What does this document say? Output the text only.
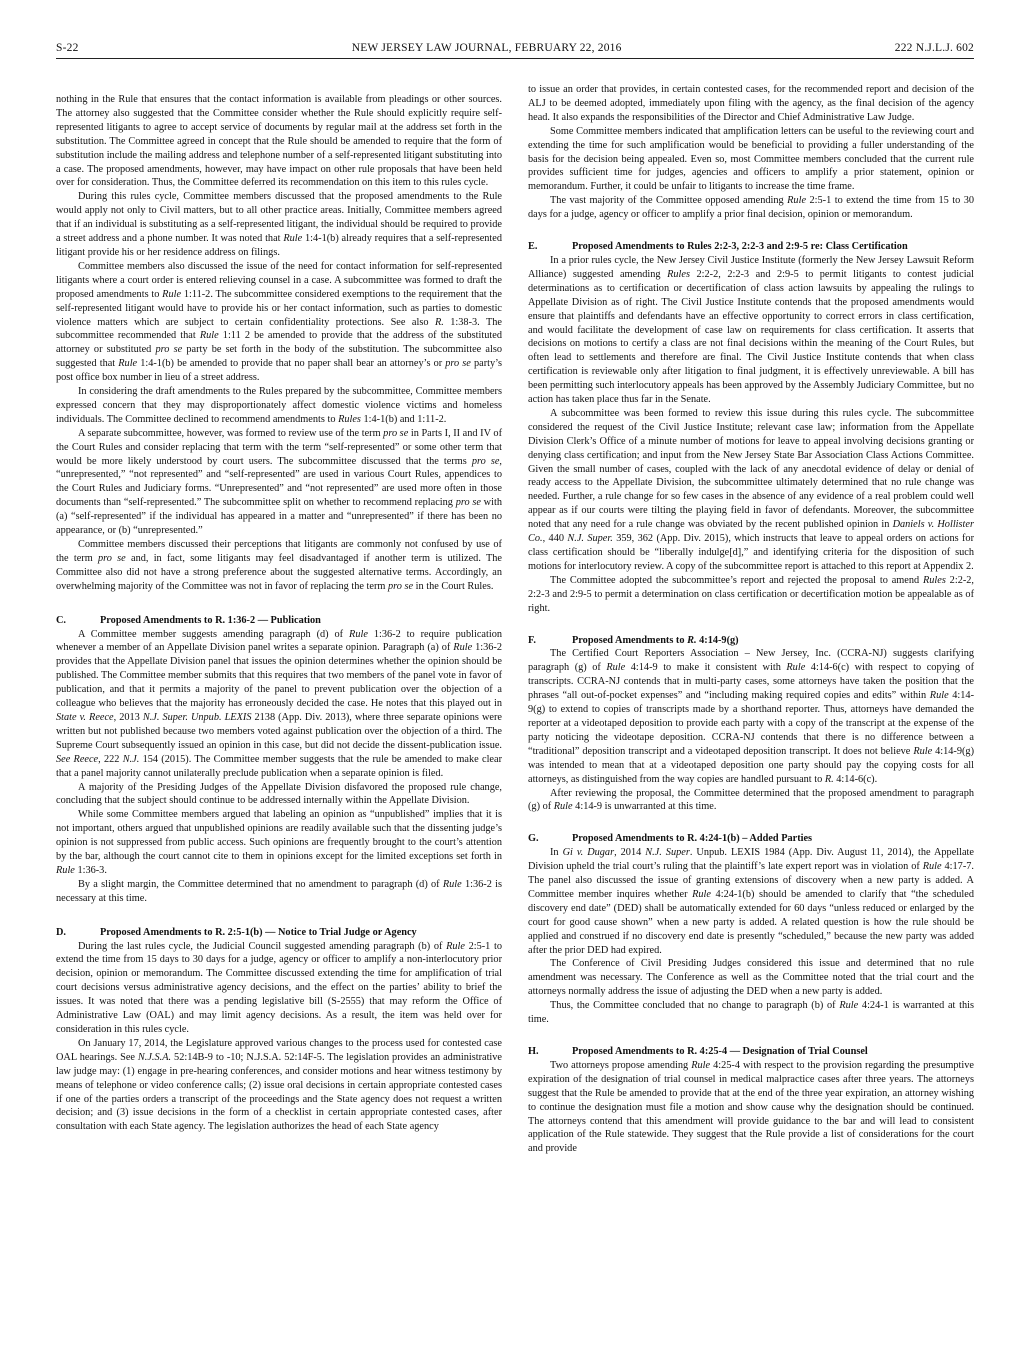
S-22	NEW JERSEY LAW JOURNAL, FEBRUARY 22, 2016	222 N.J.L.J. 602

nothing in the Rule that ensures that the contact information is available from pleadings or other sources. The attorney also suggested that the Committee consider whether the Rule should explicitly require self-represented litigants to agree to accept service of documents by regular mail at the address set forth in the substitution. The Committee agreed in concept that the Rule should be amended to require that the form of substitution include the mailing address and telephone number of a self-represented litigant substituting into a case. The proposed amendments, however, may have impact on other rule proposals that have been held over for consideration. Thus, the Committee deferred its recommendation on this item to this rules cycle.

During this rules cycle, Committee members discussed that the proposed amendments to the Rule would apply not only to Civil matters, but to all other practice areas. Initially, Committee members agreed that if an individual is substituting as a self-represented litigant, the individual should be required to provide a street address and a phone number. It was noted that Rule 1:4-1(b) already requires that a self-represented litigant provide his or her residence address on filings.

Committee members also discussed the issue of the need for contact information for self-represented litigants where a court order is entered relieving counsel in a case. A subcommittee was formed to draft the proposed amendments to Rule 1:11-2. The subcommittee considered exemptions to the requirement that the self-represented litigant would have to provide his or her contact information, such as parties to domestic violence matters which are subject to certain confidentiality protections. See also R. 1:38-3. The subcommittee recommended that Rule 1:11 2 be amended to provide that the address of the substituted attorney or substituted pro se party be set forth in the body of the substitution. The subcommittee also suggested that Rule 1:4-1(b) be amended to provide that no paper shall bear an attorney’s or pro se party’s post office box number in lieu of a street address.

In considering the draft amendments to the Rules prepared by the subcommittee, Committee members expressed concern that they may disproportionately affect domestic violence victims and homeless individuals. The Committee declined to recommend amendments to Rules 1:4-1(b) and 1:11-2.

A separate subcommittee, however, was formed to review use of the term pro se in Parts I, II and IV of the Court Rules and consider replacing that term with the term “self-represented” or some other term that would be more likely understood by court users. The subcommittee discussed that the terms pro se, “unrepresented,” “not represented” and “self-represented” are used in various Court Rules, appendices to the Court Rules and Judiciary forms. “Unrepresented” and “not represented” are used more often in those documents than “self-represented.” The subcommittee split on whether to recommend replacing pro se with (a) “self-represented” if the individual has appeared in a matter and “unrepresented” if there has been no appearance, or (b) “unrepresented.”

Committee members discussed their perceptions that litigants are commonly not confused by use of the term pro se and, in fact, some litigants may feel disadvantaged if another term is utilized. The Committee also did not have a strong preference about the suggested alternative terms. Accordingly, an overwhelming majority of the Committee was not in favor of replacing the term pro se in the Court Rules.

C.	Proposed Amendments to R. 1:36-2 — Publication

A Committee member suggests amending paragraph (d) of Rule 1:36-2 to require publication whenever a member of an Appellate Division panel writes a separate opinion. Paragraph (a) of Rule 1:36-2 provides that the Appellate Division panel that issues the opinion determines whether the opinion should be published. The Committee member submits that this requires that two members of the panel vote in favor of publication, and that it permits a majority of the panel to prevent publication over the objection of a colleague who believes that the majority has erroneously decided the case. He notes that this played out in State v. Reece, 2013 N.J. Super. Unpub. LEXIS 2138 (App. Div. 2013), where three separate opinions were written but not published because two members voted against publication over the objection of a third. The Supreme Court subsequently issued an opinion in this case, but did not decide the dissent-publication issue. See Reece, 222 N.J. 154 (2015). The Committee member suggests that the rule be amended to make clear that a panel majority cannot unilaterally preclude publication when a separate opinion is filed.

A majority of the Presiding Judges of the Appellate Division disfavored the proposed rule change, concluding that the subject should continue to be addressed internally within the Appellate Division.

While some Committee members argued that labeling an opinion as “unpublished” implies that it is not important, others argued that unpublished opinions are readily available such that the dissenting judge’s opinion is not suppressed from public access. Such opinions are frequently brought to the court’s attention by the bar, although the court cannot cite to them in opinions except for the limited exceptions set forth in Rule 1:36-3.

By a slight margin, the Committee determined that no amendment to paragraph (d) of Rule 1:36-2 is necessary at this time.

D.	Proposed Amendments to R. 2:5-1(b) — Notice to Trial Judge or Agency

During the last rules cycle, the Judicial Council suggested amending paragraph (b) of Rule 2:5-1 to extend the time from 15 days to 30 days for a judge, agency or officer to amplify a non-interlocutory prior decision, opinion or memorandum. The Committee discussed extending the time for amplification of trial court decisions versus administrative agency decisions, and the effect on the parties’ ability to brief the issues. It was noted that there was a pending legislative bill (S-2555) that may reform the Office of Administrative Law (OAL) and may limit agency decisions. As a result, the item was held over for consideration in this rules cycle.

On January 17, 2014, the Legislature approved various changes to the process used for contested case OAL hearings. See N.J.S.A. 52:14B-9 to -10; N.J.S.A. 52:14F-5. The legislation provides an administrative law judge may: (1) engage in pre-hearing conferences, and consider motions and hear witness testimony by means of telephone or video conference calls; (2) issue oral decisions in certain appropriate contested cases if one of the parties orders a transcript of the proceedings and the State agency does not request a written decision; and (3) issue decisions in the form of a checklist in certain appropriate contested cases, after consultation with each State agency. The legislation authorizes the head of each State agency

to issue an order that provides, in certain contested cases, for the recommended report and decision of the ALJ to be deemed adopted, immediately upon filing with the agency, as the final decision of the agency head. It also expands the responsibilities of the Director and Chief Administrative Law Judge.

Some Committee members indicated that amplification letters can be useful to the reviewing court and extending the time for such amplification would be beneficial to providing a fuller understanding of the basis for the decision being appealed. Even so, most Committee members concluded that the current rule provides sufficient time for judges, agencies and officers to amplify a prior statement, opinion or memorandum. Further, it could be unfair to litigants to increase the time frame.

The vast majority of the Committee opposed amending Rule 2:5-1 to extend the time from 15 to 30 days for a judge, agency or officer to amplify a prior final decision, opinion or memorandum.

E.	Proposed Amendments to Rules 2:2-3, 2:2-3 and 2:9-5 re: Class Certification

In a prior rules cycle, the New Jersey Civil Justice Institute (formerly the New Jersey Lawsuit Reform Alliance) suggested amending Rules 2:2-2, 2:2-3 and 2:9-5 to permit litigants to contest judicial determinations as to certification or decertification of class action lawsuits by appealing the rulings to Appellate Division as of right. The Civil Justice Institute contends that the proposed amendments would ensure that plaintiffs and defendants have an effective opportunity to correct errors in class certification, and would facilitate the development of case law on requirements for class certification. It asserts that decisions on motions to certify a class are not final decisions within the meaning of the Court Rules, but often lead to settlements and therefore are final. The Civil Justice Institute contends that when class certification is reviewable only after litigation to final judgment, it is effectively unreviewable. A bill has been permitting such interlocutory appeals has been approved by the Assembly Judiciary Committee, but no action has taken place thus far in the Senate.

A subcommittee was been formed to review this issue during this rules cycle. The subcommittee considered the request of the Civil Justice Institute; relevant case law; information from the Appellate Division Clerk’s Office of a minute number of motions for leave to appeal involving decisions granting or denying class certification; and input from the New Jersey State Bar Association Class Actions Committee. Given the small number of cases, coupled with the lack of any anecdotal evidence of delay or denial of ready access to the Appellate Division, the subcommittee ultimately determined that no rule change was needed. Further, a rule change for so few cases in the absence of any evidence of a real problem could well appear as if our courts were tilting the playing field in favor of defendants. Moreover, the subcommittee noted that any need for a rule change was obviated by the recent published opinion in Daniels v. Hollister Co., 440 N.J. Super. 359, 362 (App. Div. 2015), which instructs that leave to appeal orders on actions for class certification should be “liberally indulge[d],” and identifying criteria for the disposition of such motions for interlocutory review. A copy of the subcommittee report is attached to this report at Appendix 2.

The Committee adopted the subcommittee’s report and rejected the proposal to amend Rules 2:2-2, 2:2-3 and 2:9-5 to permit a determination on class certification or decertification motion be appealable as of right.

F.	Proposed Amendments to R. 4:14-9(g)

The Certified Court Reporters Association – New Jersey, Inc. (CCRA-NJ) suggests clarifying paragraph (g) of Rule 4:14-9 to make it consistent with Rule 4:14-6(c) with respect to copying of transcripts. CCRA-NJ contends that in multi-party cases, some attorneys have taken the position that the phrases “all out-of-pocket expenses” and “including making required copies and edits” within Rule 4:14-9(g) to extend to copies of transcripts made by a shorthand reporter. Thus, attorneys have demanded the reporter at a videotaped deposition to provide each party with a copy of the transcript at the expense of the party noticing the videotape deposition. CCRA-NJ contends that there is no difference between a “traditional” deposition transcript and a videotaped deposition transcript. It does not believe Rule 4:14-9(g) was intended to mean that at a videotaped deposition one party should pay the copying costs for all attorneys, as distinguished from the way copies are handled pursuant to R. 4:14-6(c).

After reviewing the proposal, the Committee determined that the proposed amendment to paragraph (g) of Rule 4:14-9 is unwarranted at this time.

G.	Proposed Amendments to R. 4:24-1(b) – Added Parties

In Gi v. Dugar, 2014 N.J. Super. Unpub. LEXIS 1984 (App. Div. August 11, 2014), the Appellate Division upheld the trial court’s ruling that the plaintiff’s late expert report was in violation of Rule 4:17-7. The panel also discussed the issue of granting extensions of discovery when a new party is added. A Committee member inquires whether Rule 4:24-1(b) should be amended to clarify that “the scheduled discovery end date” (DED) shall be automatically extended for 60 days “unless reduced or enlarged by the court for good cause shown” when a new party is added. A related question is how the rule should be applied and construed if no discovery end date is presently “scheduled,” because the new party was added after the prior DED had expired.

The Conference of Civil Presiding Judges considered this issue and determined that no rule amendment was necessary. The Conference as well as the Committee noted that the trial court and the attorneys normally address the issue of adjusting the DED when a new party is added.

Thus, the Committee concluded that no change to paragraph (b) of Rule 4:24-1 is warranted at this time.

H.	Proposed Amendments to R. 4:25-4 — Designation of Trial Counsel

Two attorneys propose amending Rule 4:25-4 with respect to the provision regarding the presumptive expiration of the designation of trial counsel in medical malpractice cases after three years. The attorneys suggest that the Rule be amended to provide that at the end of the three year expiration, an attorney wishing to continue the designation must file a motion and show cause why the designation should be continued. The attorneys contend that this amendment will provide guidance to the bar and will lead to consistent application of the Rule statewide. They suggest that the Rule provide a list of considerations for the court and provide
